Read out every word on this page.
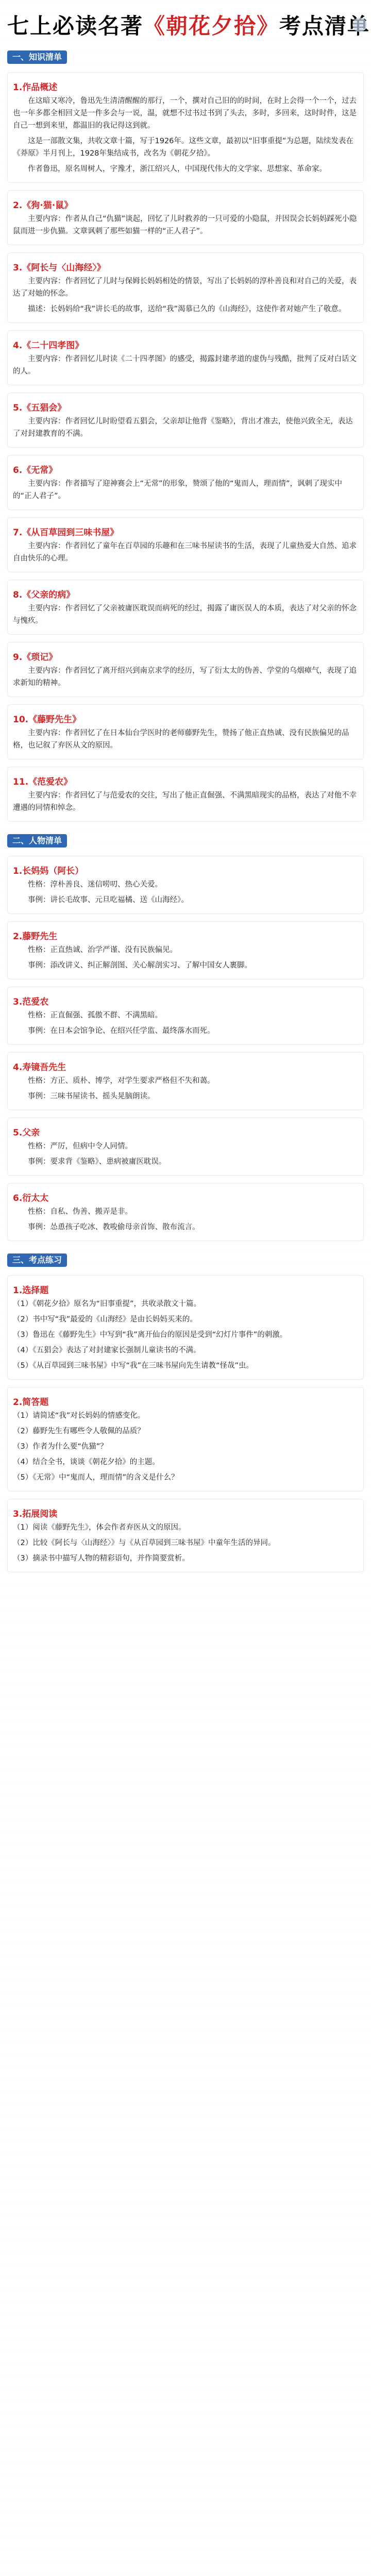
七上必读名著《朝花夕拾》考点清单
一、知识清单
1.作品概述

在这暗又寒冷，鲁迅先生清清醒醒的那行，一个，撰对自己旧的的时间，在时上会得一个一个，过去也一年多都全相回文是一件多会与一说，温，就想不过书过书到了头去，多时，多回来，这时时件，这是自己一想到来里，都温旧的我记得这到就。

这是一部散文集，共收文章十篇，写于1926年。这些文章，最初以“旧事重提”为总题，陆续发表在《莽原》半月刊上，1928年集结成书，改名为《朝花夕拾》。

作者鲁迅，原名周树人，字豫才，浙江绍兴人，中国现代伟大的文学家、思想家、革命家。

2.《狗·猫·鼠》

主要内容：作者从自己“仇猫”谈起，回忆了儿时救养的一只可爱的小隐鼠，并因误会长妈妈踩死小隐鼠而进一步仇猫。文章讽刺了那些如猫一样的“正人君子”。

3.《阿长与〈山海经〉》

主要内容：作者回忆了儿时与保姆长妈妈相处的情景，写出了长妈妈的淳朴善良和对自己的关爱，表达了对她的怀念。

描述：长妈妈给“我”讲长毛的故事，送给“我”渴慕已久的《山海经》，这使作者对她产生了敬意。

4.《二十四孝图》

主要内容：作者回忆儿时读《二十四孝图》的感受，揭露封建孝道的虚伪与残酷，批判了反对白话文的人。

5.《五猖会》

主要内容：作者回忆儿时盼望看五猖会，父亲却让他背《鉴略》，背出才准去，使他兴致全无，表达了对封建教育的不满。

6.《无常》

主要内容：作者描写了迎神赛会上“无常”的形象，赞颂了他的“鬼而人，理而情”，讽刺了现实中的“正人君子”。

7.《从百草园到三味书屋》

主要内容：作者回忆了童年在百草园的乐趣和在三味书屋读书的生活，表现了儿童热爱大自然、追求自由快乐的心理。

8.《父亲的病》

主要内容：作者回忆了父亲被庸医耽误而病死的经过，揭露了庸医误人的本质，表达了对父亲的怀念与愧疚。

9.《琐记》

主要内容：作者回忆了离开绍兴到南京求学的经历，写了衍太太的伪善、学堂的乌烟瘴气，表现了追求新知的精神。

10.《藤野先生》

主要内容：作者回忆了在日本仙台学医时的老师藤野先生，赞扬了他正直热诚、没有民族偏见的品格，也记叙了弃医从文的原因。

11.《范爱农》

主要内容：作者回忆了与范爱农的交往，写出了他正直倔强、不满黑暗现实的品格，表达了对他不幸遭遇的同情和悼念。

二、人物清单
1.长妈妈（阿长）

性格：淳朴善良、迷信唠叨、热心关爱。

事例：讲长毛故事、元旦吃福橘、送《山海经》。

2.藤野先生

性格：正直热诚、治学严谨、没有民族偏见。

事例：添改讲义、纠正解剖图、关心解剖实习、了解中国女人裹脚。

3.范爱农

性格：正直倔强、孤傲不群、不满黑暗。

事例：在日本会馆争论、在绍兴任学监、最终落水而死。

4.寿镜吾先生

性格：方正、质朴、博学，对学生要求严格但不失和蔼。

事例：三味书屋读书、摇头晃脑朗读。

5.父亲

性格：严厉，但病中令人同情。

事例：要求背《鉴略》、患病被庸医耽误。

6.衍太太

性格：自私、伪善、搬弄是非。

事例：怂恿孩子吃冰、教唆偷母亲首饰、散布流言。

三、考点练习
1.选择题
（1）《朝花夕拾》原名为“旧事重提”，共收录散文十篇。
（2）书中写“我”最爱的《山海经》是由长妈妈买来的。
（3）鲁迅在《藤野先生》中写到“我”离开仙台的原因是受到“幻灯片事件”的刺激。
（4）《五猖会》表达了对封建家长强制儿童读书的不满。
（5）《从百草园到三味书屋》中写“我”在三味书屋向先生请教“怪哉”虫。
2.简答题
（1）请简述“我”对长妈妈的情感变化。
（2）藤野先生有哪些令人敬佩的品质？
（3）作者为什么要“仇猫”？
（4）结合全书，谈谈《朝花夕拾》的主题。
（5）《无常》中“鬼而人，理而情”的含义是什么？
3.拓展阅读
（1）阅读《藤野先生》，体会作者弃医从文的原因。
（2）比较《阿长与〈山海经〉》与《从百草园到三味书屋》中童年生活的异同。
（3）摘录书中描写人物的精彩语句，并作简要赏析。
